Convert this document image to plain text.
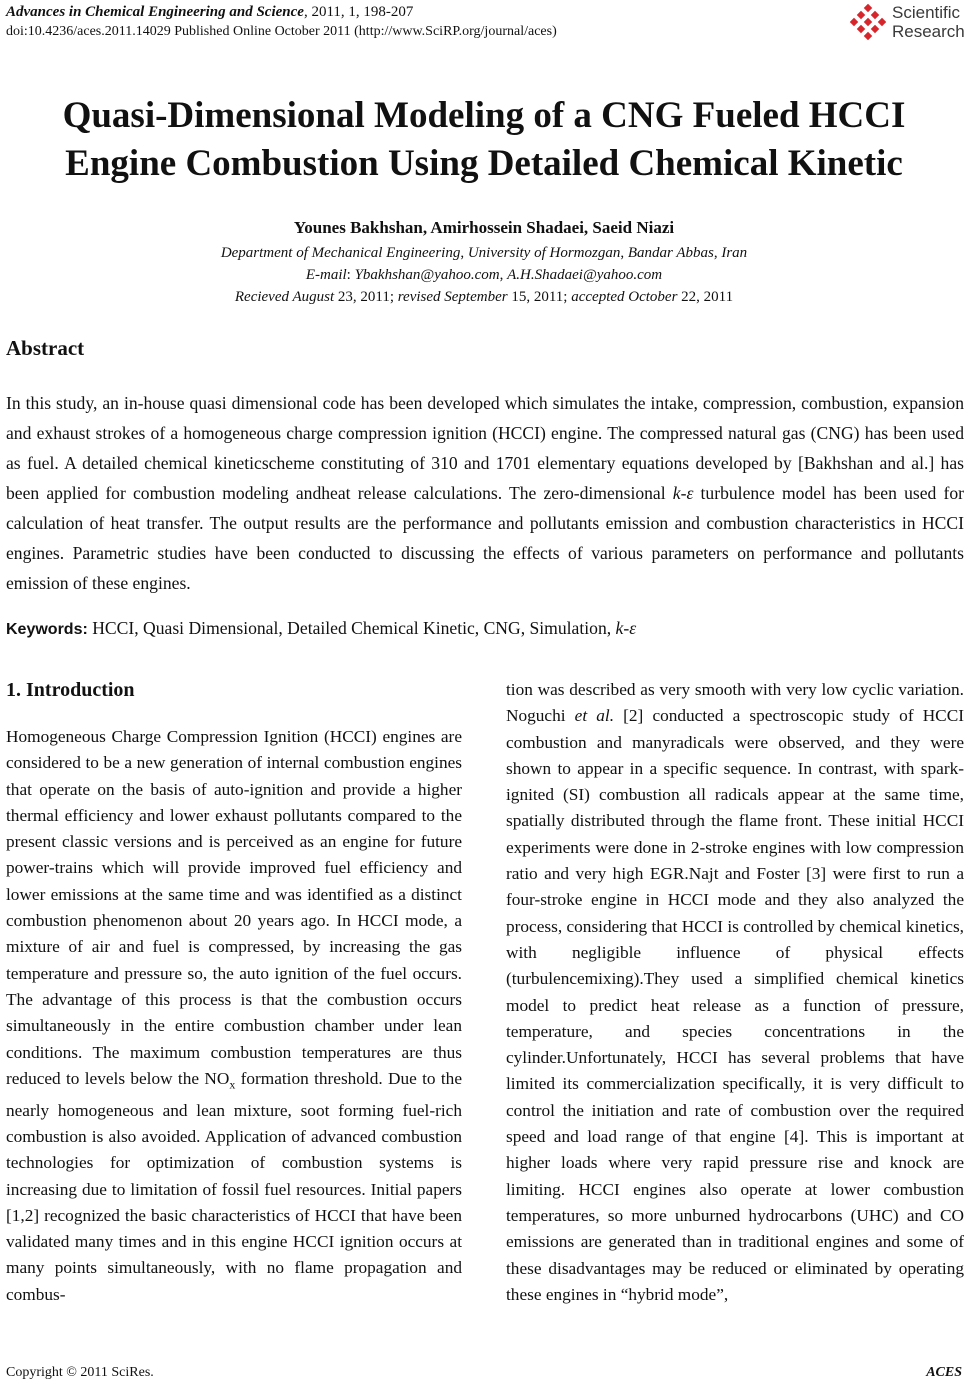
Advances in Chemical Engineering and Science, 2011, 1, 198-207
doi:10.4236/aces.2011.14029 Published Online October 2011 (http://www.SciRP.org/journal/aces)
Scientific
Research
Quasi-Dimensional Modeling of a CNG Fueled HCCI
Engine Combustion Using Detailed Chemical Kinetic
Younes Bakhshan, Amirhossein Shadaei, Saeid Niazi
Department of Mechanical Engineering, University of Hormozgan, Bandar Abbas, Iran
E-mail: Ybakhshan@yahoo.com, A.H.Shadaei@yahoo.com
Recieved August 23, 2011; revised September 15, 2011; accepted October 22, 2011
Abstract
In this study, an in-house quasi dimensional code has been developed which simulates the intake, compression, combustion, expansion and exhaust strokes of a homogeneous charge compression ignition (HCCI) engine. The compressed natural gas (CNG) has been used as fuel. A detailed chemical kineticscheme constituting of 310 and 1701 elementary equations developed by [Bakhshan and al.] has been applied for combustion modeling andheat release calculations. The zero-dimensional k-ε turbulence model has been used for calculation of heat transfer. The output results are the performance and pollutants emission and combustion characteristics in HCCI engines. Parametric studies have been conducted to discussing the effects of various parameters on performance and pollutants emission of these engines.
Keywords: HCCI, Quasi Dimensional, Detailed Chemical Kinetic, CNG, Simulation, k-ε
1. Introduction
Homogeneous Charge Compression Ignition (HCCI) engines are considered to be a new generation of internal combustion engines that operate on the basis of auto-ignition and provide a higher thermal efficiency and lower exhaust pollutants compared to the present classic versions and is perceived as an engine for future power-trains which will provide improved fuel efficiency and lower emissions at the same time and was identified as a distinct combustion phenomenon about 20 years ago. In HCCI mode, a mixture of air and fuel is compressed, by increasing the gas temperature and pressure so, the auto ignition of the fuel occurs. The advantage of this process is that the combustion occurs simultaneously in the entire combustion chamber under lean conditions. The maximum combustion temperatures are thus reduced to levels below the $NO_x$ formation threshold. Due to the nearly homogeneous and lean mixture, soot forming fuel-rich combustion is also avoided. Application of advanced combustion technologies for optimization of combustion systems is increasing due to limitation of fossil fuel resources. Initial papers [1,2] recognized the basic characteristics of HCCI that have been validated many times and in this engine HCCI ignition occurs at many points simultaneously, with no flame propagation and combus-
tion was described as very smooth with very low cyclic variation. Noguchi et al. [2] conducted a spectroscopic study of HCCI combustion and manyradicals were observed, and they were shown to appear in a specific sequence. In contrast, with spark-ignited (SI) combustion all radicals appear at the same time, spatially distributed through the flame front. These initial HCCI experiments were done in 2-stroke engines with low compression ratio and very high EGR.Najt and Foster [3] were first to run a four-stroke engine in HCCI mode and they also analyzed the process, considering that HCCI is controlled by chemical kinetics, with negligible influence of physical effects (turbulencemixing).They used a simplified chemical kinetics model to predict heat release as a function of pressure, temperature, and species concentrations in the cylinder.Unfortunately, HCCI has several problems that have limited its commercialization specifically, it is very difficult to control the initiation and rate of combustion over the required speed and load range of that engine [4]. This is important at higher loads where very rapid pressure rise and knock are limiting. HCCI engines also operate at lower combustion temperatures, so more unburned hydrocarbons (UHC) and CO emissions are generated than in traditional engines and some of these disadvantages may be reduced or eliminated by operating these engines in “hybrid mode”,
Copyright © 2011 SciRes.	ACES
